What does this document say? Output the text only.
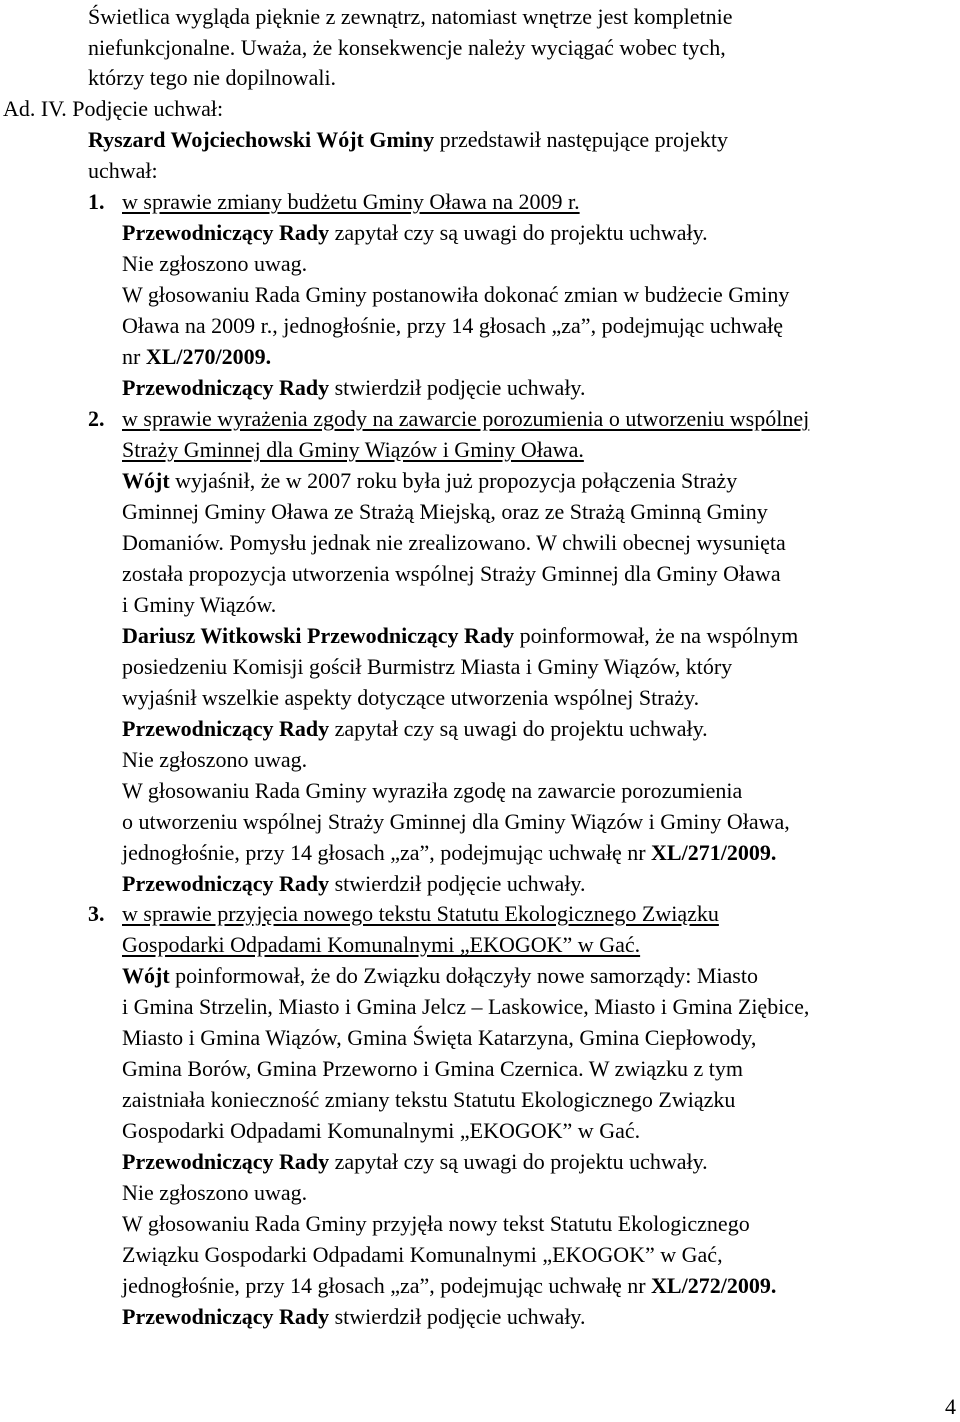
Świetlica wygląda pięknie z zewnątrz, natomiast wnętrze jest kompletnie
niefunkcjonalne. Uważa, że konsekwencje należy wyciągać wobec tych,
którzy tego nie dopilnowali.
Ad. IV. Podjęcie uchwał:
Ryszard Wojciechowski Wójt Gminy przedstawił następujące projekty
uchwał:
1. w sprawie zmiany budżetu Gminy Oława na 2009 r.
Przewodniczący Rady zapytał czy są uwagi do projektu uchwały.
Nie zgłoszono uwag.
W głosowaniu Rada Gminy postanowiła dokonać zmian w budżecie Gminy
Oława na 2009 r., jednogłośnie, przy 14 głosach „za”, podejmując uchwałę
nr XL/270/2009.
Przewodniczący Rady stwierdził podjęcie uchwały.
2. w sprawie wyrażenia zgody na zawarcie porozumienia o utworzeniu wspólnej
Straży Gminnej dla Gminy Wiązów i Gminy Oława.
Wójt wyjaśnił, że w 2007 roku była już propozycja połączenia Straży
Gminnej Gminy Oława ze Strażą Miejską, oraz ze Strażą Gminną Gminy
Domaniów. Pomysłu jednak nie zrealizowano. W chwili obecnej wysunięta
została propozycja utworzenia wspólnej Straży Gminnej dla Gminy Oława
i Gminy Wiązów.
Dariusz Witkowski Przewodniczący Rady poinformował, że na wspólnym
posiedzeniu Komisji gościł Burmistrz Miasta i Gminy Wiązów, który
wyjaśnił wszelkie aspekty dotyczące utworzenia wspólnej Straży.
Przewodniczący Rady zapytał czy są uwagi do projektu uchwały.
Nie zgłoszono uwag.
W głosowaniu Rada Gminy wyraziła zgodę na zawarcie porozumienia
o utworzeniu wspólnej Straży Gminnej dla Gminy Wiązów i Gminy Oława,
jednogłośnie, przy 14 głosach „za”, podejmując uchwałę nr XL/271/2009.
Przewodniczący Rady stwierdził podjęcie uchwały.
3. w sprawie przyjęcia nowego tekstu Statutu Ekologicznego Związku
Gospodarki Odpadami Komunalnymi „EKOGOK” w Gać.
Wójt poinformował, że do Związku dołączyły nowe samorządy: Miasto
i Gmina Strzelin, Miasto i Gmina Jelcz – Laskowice, Miasto i Gmina Ziębice,
Miasto i Gmina Wiązów, Gmina Święta Katarzyna, Gmina Ciepłowody,
Gmina Borów, Gmina Przeworno i Gmina Czernica. W związku z tym
zaistniała konieczność zmiany tekstu Statutu Ekologicznego Związku
Gospodarki Odpadami Komunalnymi „EKOGOK” w Gać.
Przewodniczący Rady zapytał czy są uwagi do projektu uchwały.
Nie zgłoszono uwag.
W głosowaniu Rada Gminy przyjęła nowy tekst Statutu Ekologicznego
Związku Gospodarki Odpadami Komunalnymi „EKOGOK” w Gać,
jednogłośnie, przy 14 głosach „za”, podejmując uchwałę nr XL/272/2009.
Przewodniczący Rady stwierdził podjęcie uchwały.
4
